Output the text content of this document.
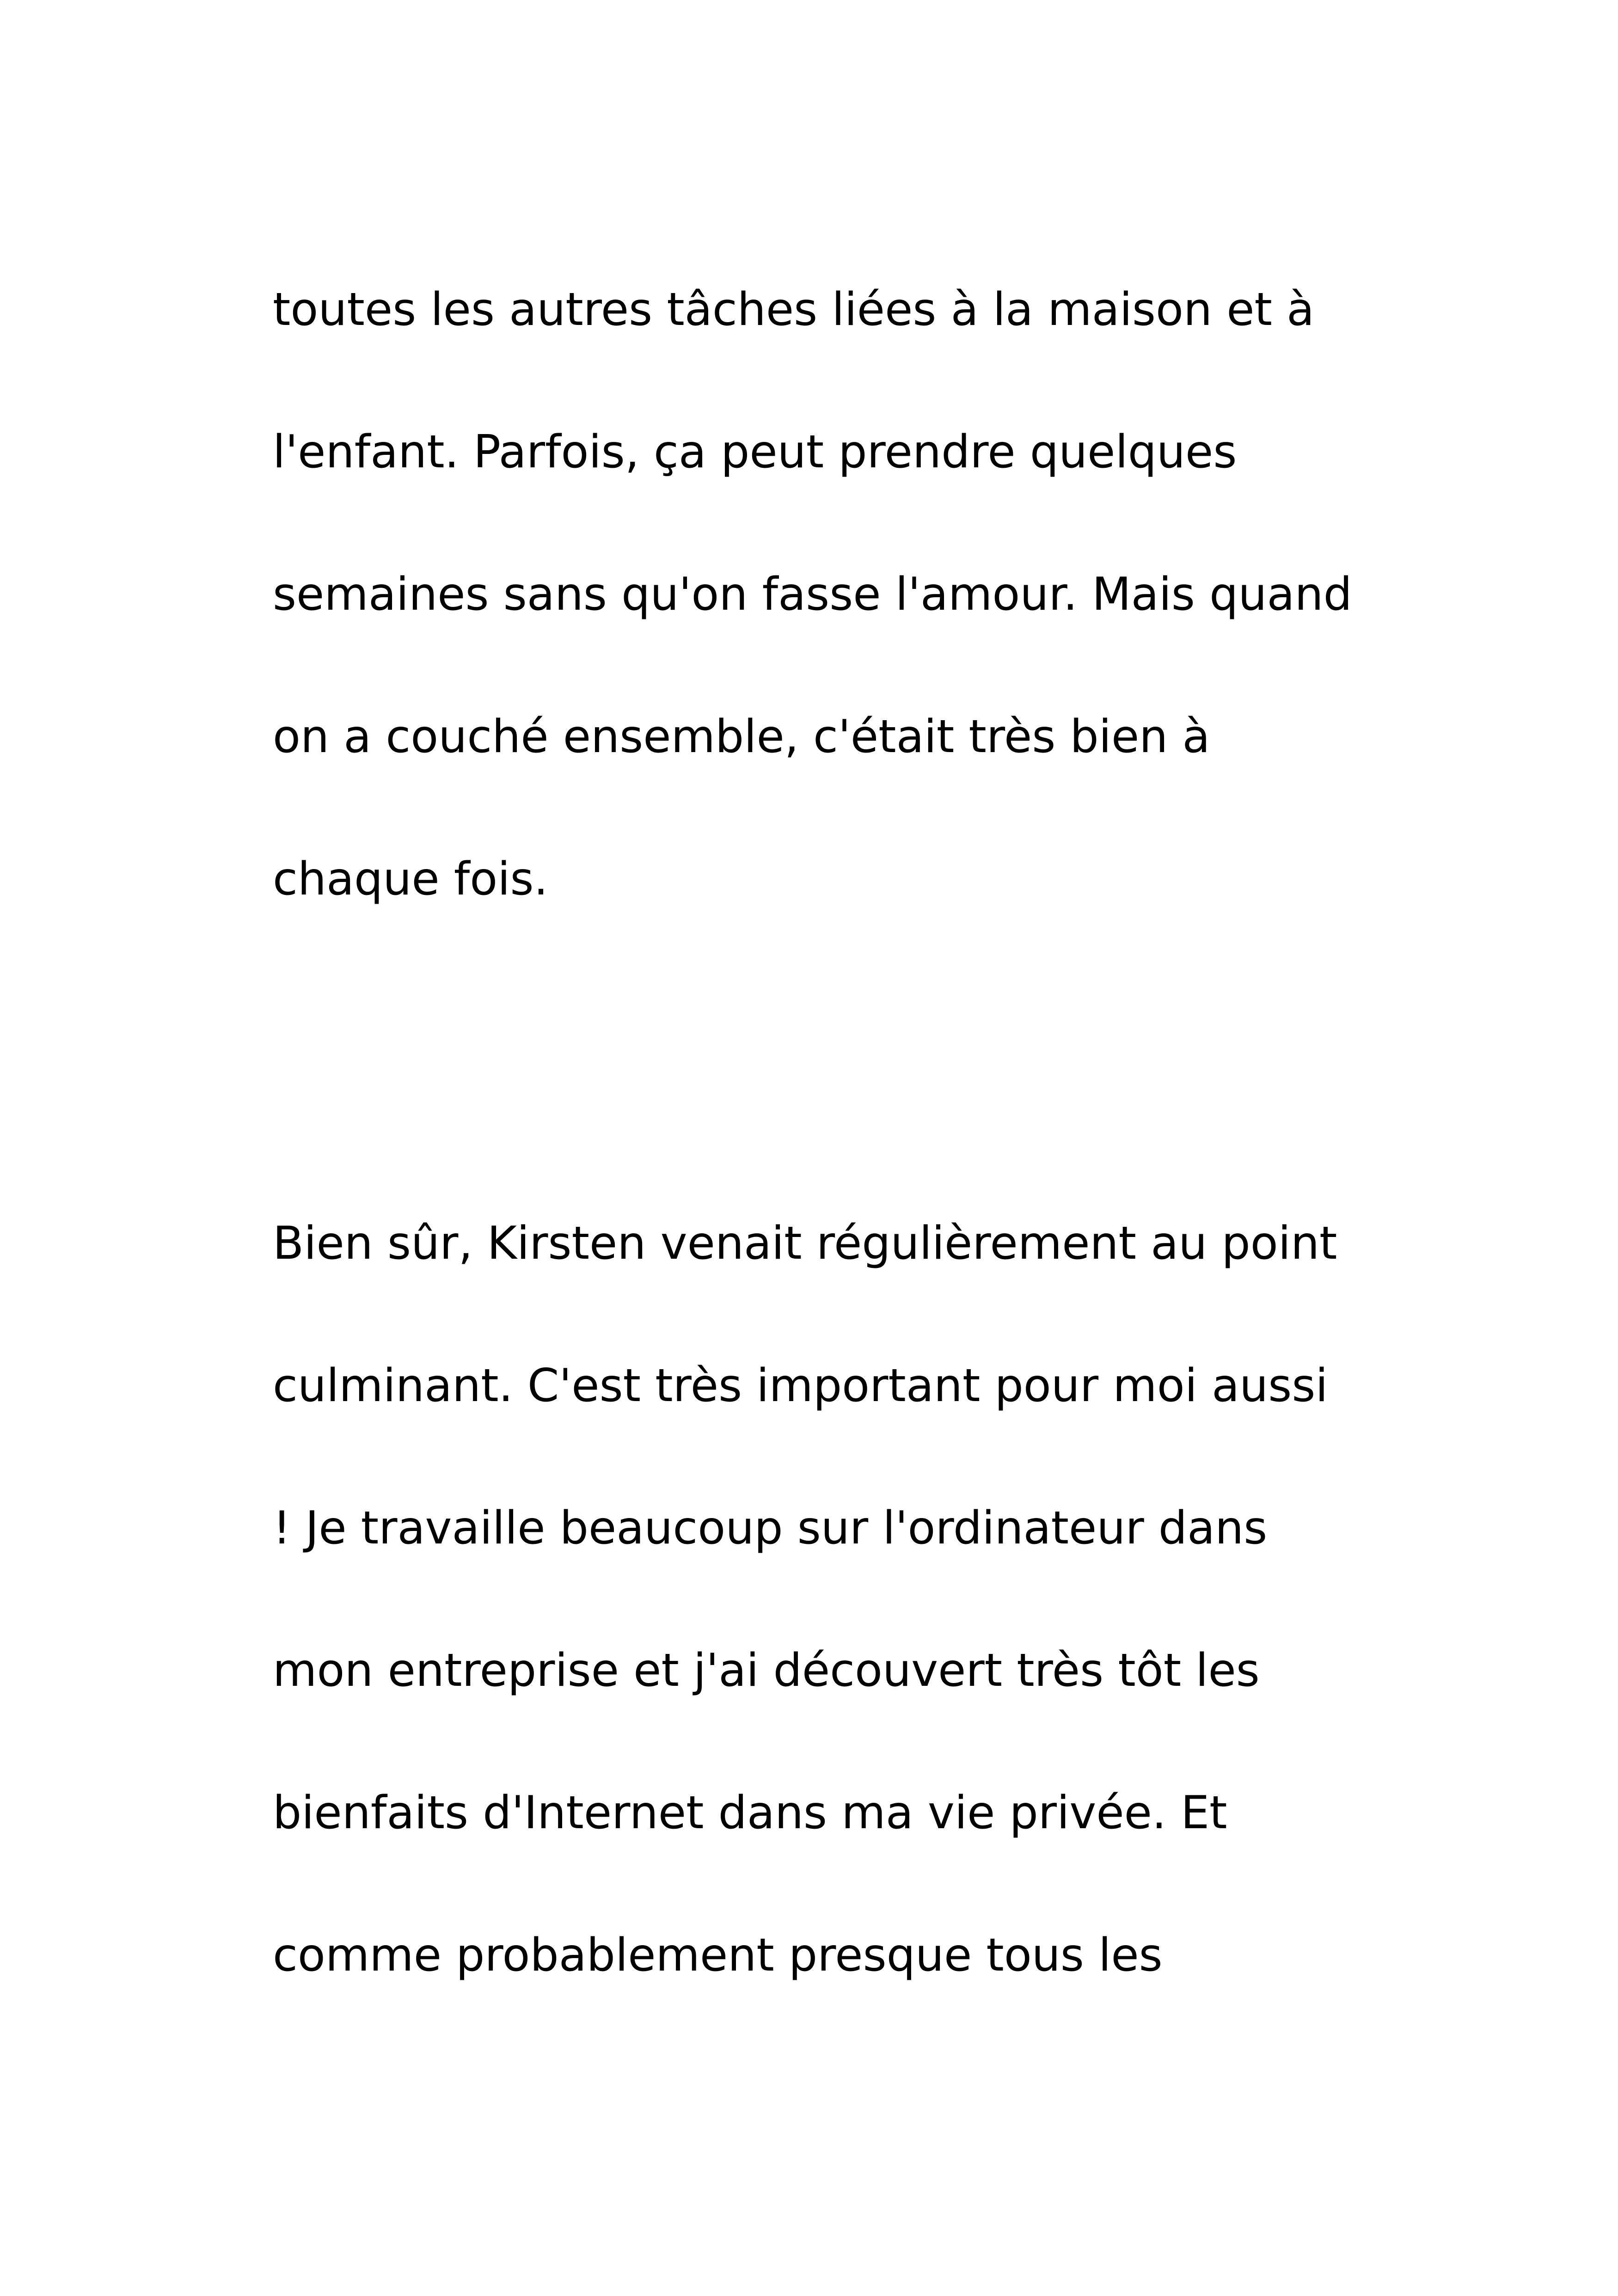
toutes les autres tâches liées à la maison et à
l'enfant. Parfois, ça peut prendre quelques
semaines sans qu'on fasse l'amour. Mais quand
on a couché ensemble, c'était très bien à
chaque fois.

Bien sûr, Kirsten venait régulièrement au point
culminant. C'est très important pour moi aussi
! Je travaille beaucoup sur l'ordinateur dans
mon entreprise et j'ai découvert très tôt les
bienfaits d'Internet dans ma vie privée. Et
comme probablement presque tous les
